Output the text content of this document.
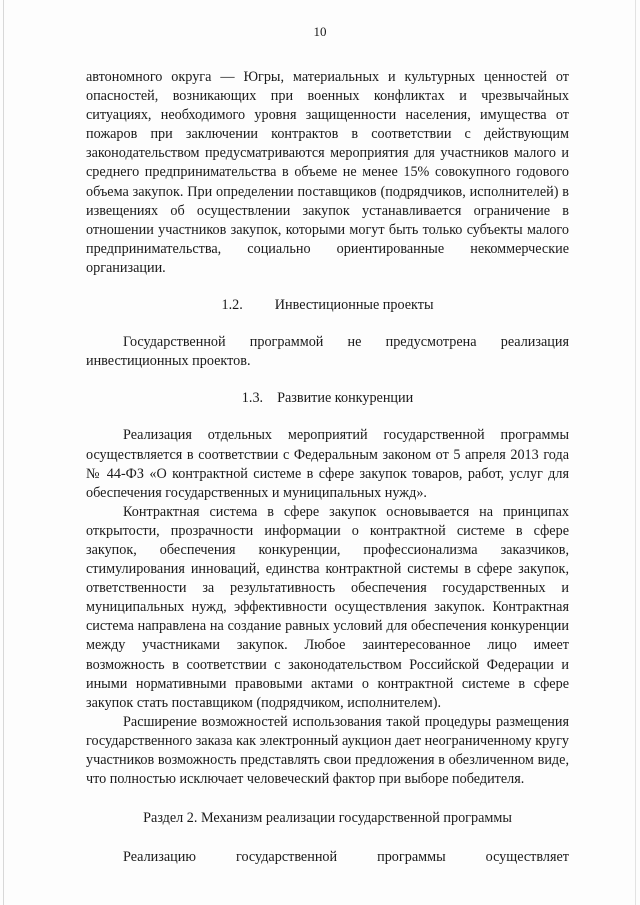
10

автономного округа — Югры, материальных и культурных ценностей от опасностей, возникающих при военных конфликтах и чрезвычайных ситуациях, необходимого уровня защищенности населения, имущества от пожаров при заключении контрактов в соответствии с действующим законодательством предусматриваются мероприятия для участников малого и среднего предпринимательства в объеме не менее 15% совокупного годового объема закупок. При определении поставщиков (подрядчиков, исполнителей) в извещениях об осуществлении закупок устанавливается ограничение в отношении участников закупок, которыми могут быть только субъекты малого предпринимательства, социально ориентированные некоммерческие организации.

1.2. Инвестиционные проекты

Государственной программой не предусмотрена реализация инвестиционных проектов.

1.3. Развитие конкуренции

Реализация отдельных мероприятий государственной программы осуществляется в соответствии с Федеральным законом от 5 апреля 2013 года № 44-ФЗ «О контрактной системе в сфере закупок товаров, работ, услуг для обеспечения государственных и муниципальных нужд».

Контрактная система в сфере закупок основывается на принципах открытости, прозрачности информации о контрактной системе в сфере закупок, обеспечения конкуренции, профессионализма заказчиков, стимулирования инноваций, единства контрактной системы в сфере закупок, ответственности за результативность обеспечения государственных и муниципальных нужд, эффективности осуществления закупок. Контрактная система направлена на создание равных условий для обеспечения конкуренции между участниками закупок. Любое заинтересованное лицо имеет возможность в соответствии с законодательством Российской Федерации и иными нормативными правовыми актами о контрактной системе в сфере закупок стать поставщиком (подрядчиком, исполнителем).

Расширение возможностей использования такой процедуры размещения государственного заказа как электронный аукцион дает неограниченному кругу участников возможность представлять свои предложения в обезличенном виде, что полностью исключает человеческий фактор при выборе победителя.

Раздел 2. Механизм реализации государственной программы

Реализацию	государственной	программы	осуществляет
